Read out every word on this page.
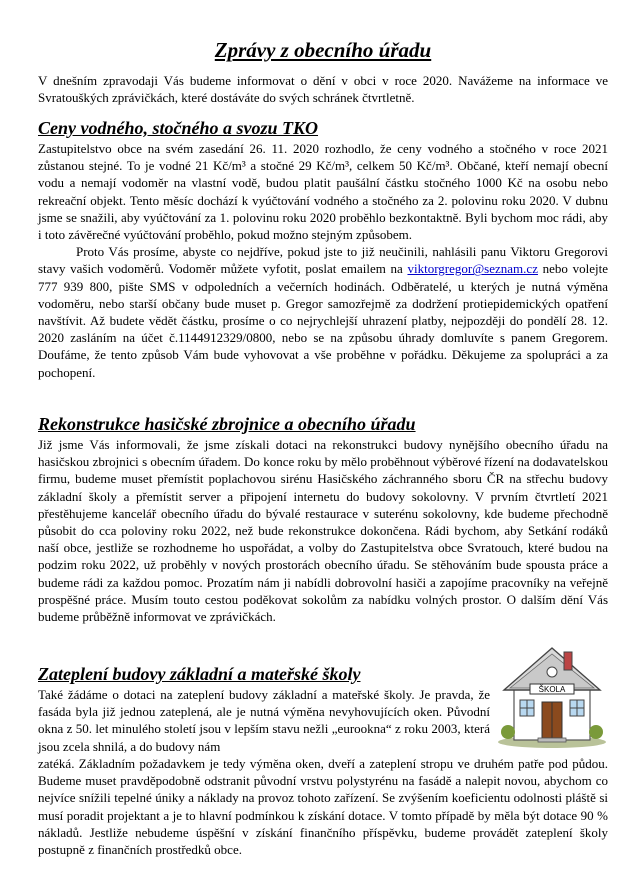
Zprávy z obecního úřadu
V dnešním zpravodaji Vás budeme informovat o dění v obci v roce 2020. Navážeme na informace ve Svratouškých zprávičkách, které dostáváte do svých schránek čtvrtletně.
Ceny vodného, stočného a svozu TKO

Zastupitelstvo obce na svém zasedání 26. 11. 2020 rozhodlo, že ceny vodného a stočného v roce 2021 zůstanou stejné. To je vodné 21 Kč/m³ a stočné 29 Kč/m³, celkem 50 Kč/m³. Občané, kteří nemají obecní vodu a nemají vodoměr na vlastní vodě, budou platit paušální částku stočného 1000 Kč na osobu nebo rekreační objekt. Tento měsíc dochází k vyúčtování vodného a stočného za 2. polovinu roku 2020. V dubnu jsme se snažili, aby vyúčtování za 1. polovinu roku 2020 proběhlo bezkontaktně. Byli bychom moc rádi, aby i toto závěrečné vyúčtování proběhlo, pokud možno stejným způsobem.

Proto Vás prosíme, abyste co nejdříve, pokud jste to již neučinili, nahlásili panu Viktoru Gregorovi stavy vašich vodoměrů. Vodoměr můžete vyfotit, poslat emailem na viktorgregor@seznam.cz nebo volejte 777 939 800, pište SMS v odpoledních a večerních hodinách. Odběratelé, u kterých je nutná výměna vodoměru, nebo starší občany bude muset p. Gregor samozřejmě za dodržení protiepidemických opatření navštívit. Až budete vědět částku, prosíme o co nejrychlejší uhrazení platby, nejpozději do pondělí 28. 12. 2020 zasláním na účet č.1144912329/0800, nebo se na způsobu úhrady domluvíte s panem Gregorem. Doufáme, že tento způsob Vám bude vyhovovat a vše proběhne v pořádku. Děkujeme za spolupráci a za pochopení.

Rekonstrukce hasičské zbrojnice a obecního úřadu
Již jsme Vás informovali, že jsme získali dotaci na rekonstrukci budovy nynějšího obecního úřadu na hasičskou zbrojnici s obecním úřadem. Do konce roku by mělo proběhnout výběrové řízení na dodavatelskou firmu, budeme muset přemístit poplachovou sirénu Hasičského záchranného sboru ČR na střechu budovy základní školy a přemístit server a připojení internetu do budovy sokolovny. V prvním čtvrtletí 2021 přestěhujeme kancelář obecního úřadu do bývalé restaurace v suterénu sokolovny, kde budeme přechodně působit do cca poloviny roku 2022, než bude rekonstrukce dokončena. Rádi bychom, aby Setkání rodáků naší obce, jestliže se rozhodneme ho uspořádat, a volby do Zastupitelstva obce Svratouch, které budou na podzim roku 2022, už proběhly v nových prostorách obecního úřadu. Se stěhováním bude spousta práce a budeme rádi za každou pomoc. Prozatím nám ji nabídli dobrovolní hasiči a zapojíme pracovníky na veřejně prospěšné práce. Musím touto cestou poděkovat sokolům za nabídku volných prostor. O dalším dění Vás budeme průběžně informovat ve zprávičkách.
Zateplení budovy základní a mateřské školy
Také žádáme o dotaci na zateplení budovy základní a mateřské školy. Je pravda, že fasáda byla již jednou zateplená, ale je nutná výměna nevyhovujících oken. Původní okna z 50. let minulého století jsou v lepším stavu nežli „eurookna“ z roku 2003, která jsou zcela shnilá, a do budovy nám
zatéká. Základním požadavkem je tedy výměna oken, dveří a zateplení stropu ve druhém patře pod půdou. Budeme muset pravděpodobně odstranit původní vrstvu polystyrénu na fasádě a nalepit novou, abychom co nejvíce snížili tepelné úniky a náklady na provoz tohoto zařízení. Se zvýšením koeficientu odolnosti pláště si musí poradit projektant a je to hlavní podmínkou k získání dotace. V tomto případě by měla být dotace 90 % nákladů. Jestliže nebudeme úspěšní v získání finančního příspěvku, budeme provádět zateplení školy postupně z finančních prostředků obce.
ŠKOLA
